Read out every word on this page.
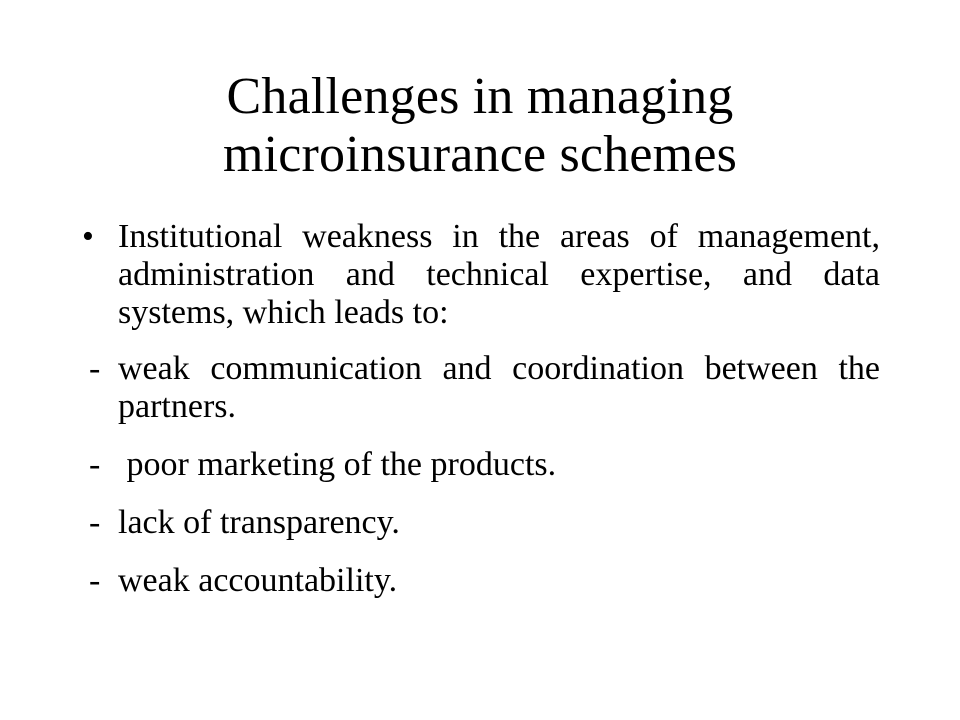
Challenges in managing
microinsurance schemes
• Institutional weakness in the areas of management, administration and technical expertise, and data systems, which leads to:
- weak communication and coordination between the partners.
- poor marketing of the products.
- lack of transparency.
- weak accountability.
